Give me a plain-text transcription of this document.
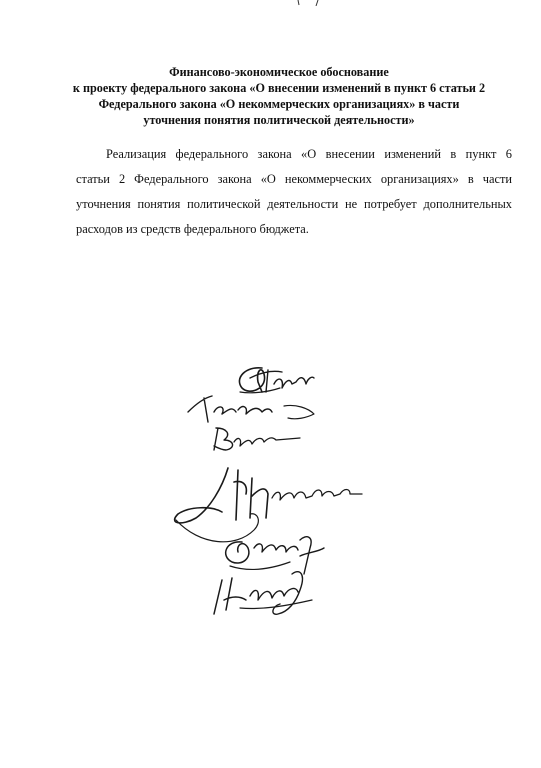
Финансово-экономическое обоснование
к проекту федерального закона «О внесении изменений в пункт 6 статьи 2
Федерального закона «О некоммерческих организациях» в части
уточнения понятия политической деятельности»
Реализация федерального закона «О внесении изменений в пункт 6
статьи 2 Федерального закона «О некоммерческих организациях» в части
уточнения понятия политической деятельности не потребует дополнительных
расходов из средств федерального бюджета.
